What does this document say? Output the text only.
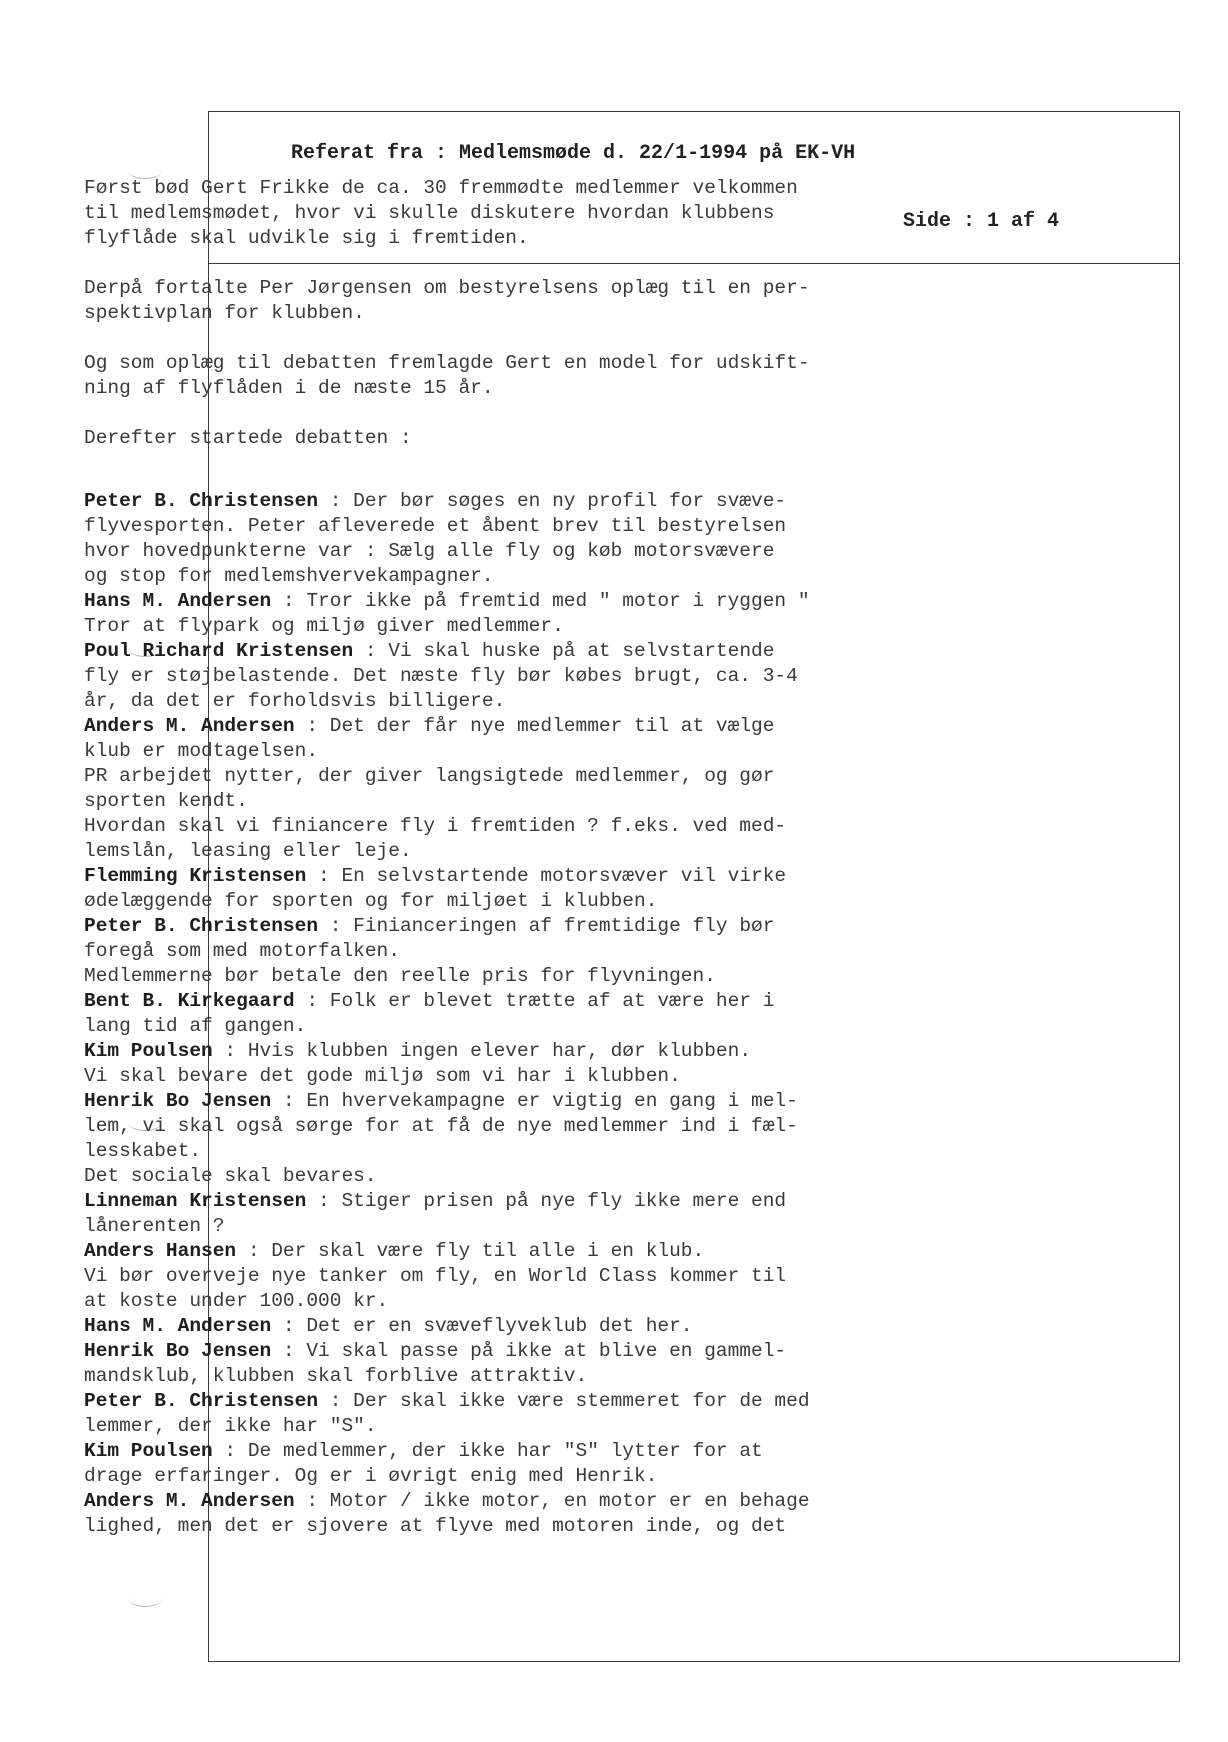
Referat fra : Medlemsmøde d. 22/1-1994 på EK-VH
Side : 1 af 4
Først bød Gert Frikke de ca. 30 fremmødte medlemmer velkommen
til medlemsmødet, hvor vi skulle diskutere hvordan klubbens
flyflåde skal udvikle sig i fremtiden.
Derpå fortalte Per Jørgensen om bestyrelsens oplæg til en per-
spektivplan for klubben.
Og som oplæg til debatten fremlagde Gert en model for udskift-
ning af flyflåden i de næste 15 år.
Derefter startede debatten :
Peter B. Christensen : Der bør søges en ny profil for svæve-
flyvesporten. Peter afleverede et åbent brev til bestyrelsen
hvor hovedpunkterne var : Sælg alle fly og køb motorsvævere
og stop for medlemshvervekampagner.
Hans M. Andersen : Tror ikke på fremtid med " motor i ryggen "
Tror at flypark og miljø giver medlemmer.
Poul Richard Kristensen : Vi skal huske på at selvstartende
fly er støjbelastende. Det næste fly bør købes brugt, ca. 3-4
år, da det er forholdsvis billigere.
Anders M. Andersen : Det der får nye medlemmer til at vælge
klub er modtagelsen.
PR arbejdet nytter, der giver langsigtede medlemmer, og gør
sporten kendt.
Hvordan skal vi finiancere fly i fremtiden ? f.eks. ved med-
lemslån, leasing eller leje.
Flemming Kristensen : En selvstartende motorsvæver vil virke
ødelæggende for sporten og for miljøet i klubben.
Peter B. Christensen : Finianceringen af fremtidige fly bør
foregå som med motorfalken.
Medlemmerne bør betale den reelle pris for flyvningen.
Bent B. Kirkegaard : Folk er blevet trætte af at være her i
lang tid af gangen.
Kim Poulsen : Hvis klubben ingen elever har, dør klubben.
Vi skal bevare det gode miljø som vi har i klubben.
Henrik Bo Jensen : En hvervekampagne er vigtig en gang i mel-
lem, vi skal også sørge for at få de nye medlemmer ind i fæl-
lesskabet.
Det sociale skal bevares.
Linneman Kristensen : Stiger prisen på nye fly ikke mere end
lånerenten ?
Anders Hansen : Der skal være fly til alle i en klub.
Vi bør overveje nye tanker om fly, en World Class kommer til
at koste under 100.000 kr.
Hans M. Andersen : Det er en svæveflyveklub det her.
Henrik Bo Jensen : Vi skal passe på ikke at blive en gammel-
mandsklub, klubben skal forblive attraktiv.
Peter B. Christensen : Der skal ikke være stemmeret for de med
lemmer, der ikke har "S".
Kim Poulsen : De medlemmer, der ikke har "S" lytter for at
drage erfaringer. Og er i øvrigt enig med Henrik.
Anders M. Andersen : Motor / ikke motor, en motor er en behage
lighed, men det er sjovere at flyve med motoren inde, og det
